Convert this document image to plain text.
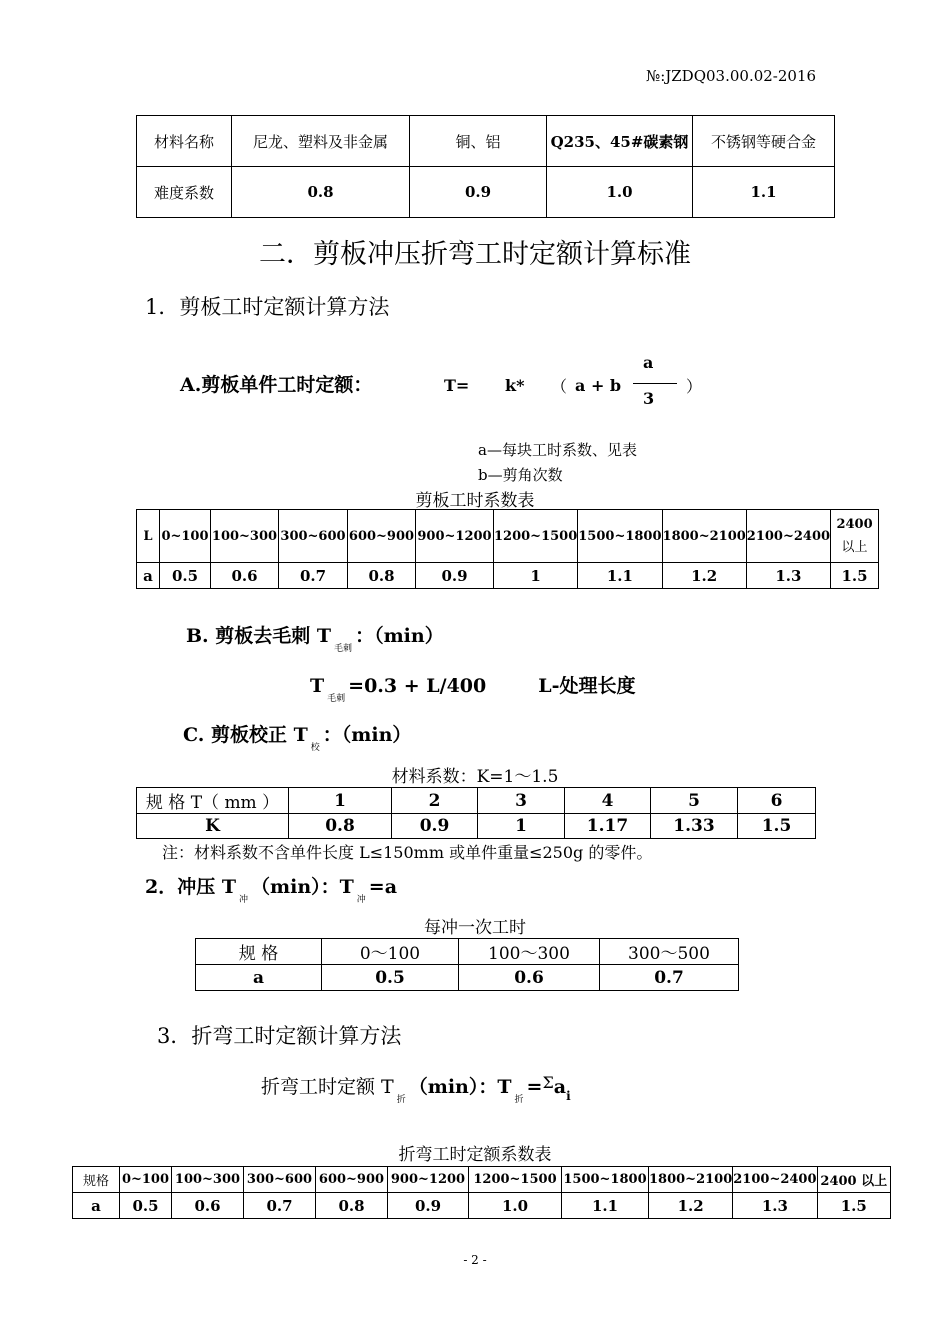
№:JZDQ03.00.02-2016
材料名称	尼龙、塑料及非金属	铜、铝	Q235、45#碳素钢	不锈钢等硬合金
难度系数	0.8	0.9	1.0	1.1
二．剪板冲压折弯工时定额计算标准
1．剪板工时定额计算方法
A.剪板单件工时定额：	T= k* （ a + b
a
3
）
a—每块工时系数、见表
b—剪角次数
剪板工时系数表
L	0~100	100~300	300~600	600~900	900~1200	1200~1500	1500~1800	1800~2100	2100~2400	2400
以上

a	0.5	0.6	0.7	0.8	0.9	1	1.1	1.2	1.3	1.5
B. 剪板去毛刺 $T_{毛刺}$：（min）
$T_{毛刺}=0.3 + L/400$	L-处理长度
C. 剪板校正 $T_校$：（min）
材料系数：K=1～1.5
规 格 T（ mm ）	1	2	3	4	5	6
K	0.8	0.9	1	1.17	1.33	1.5
注：材料系数不含单件长度 L≤150mm 或单件重量≤250g 的零件。
2．冲压 $T_冲(\min)$：$T_冲=a$
每冲一次工时
规 格	0～100	100～300	300～500
a	0.5	0.6	0.7
3．折弯工时定额计算方法
折弯工时定额 $T_折(\min)$：$T_折=^\Sigma a_i$
折弯工时定额系数表
规格	0~100	100~300	300~600	600~900	900~1200	1200~1500	1500~1800	1800~2100	2100~2400	2400 以上
a	0.5	0.6	0.7	0.8	0.9	1.0	1.1	1.2	1.3	1.5
- 2 -
